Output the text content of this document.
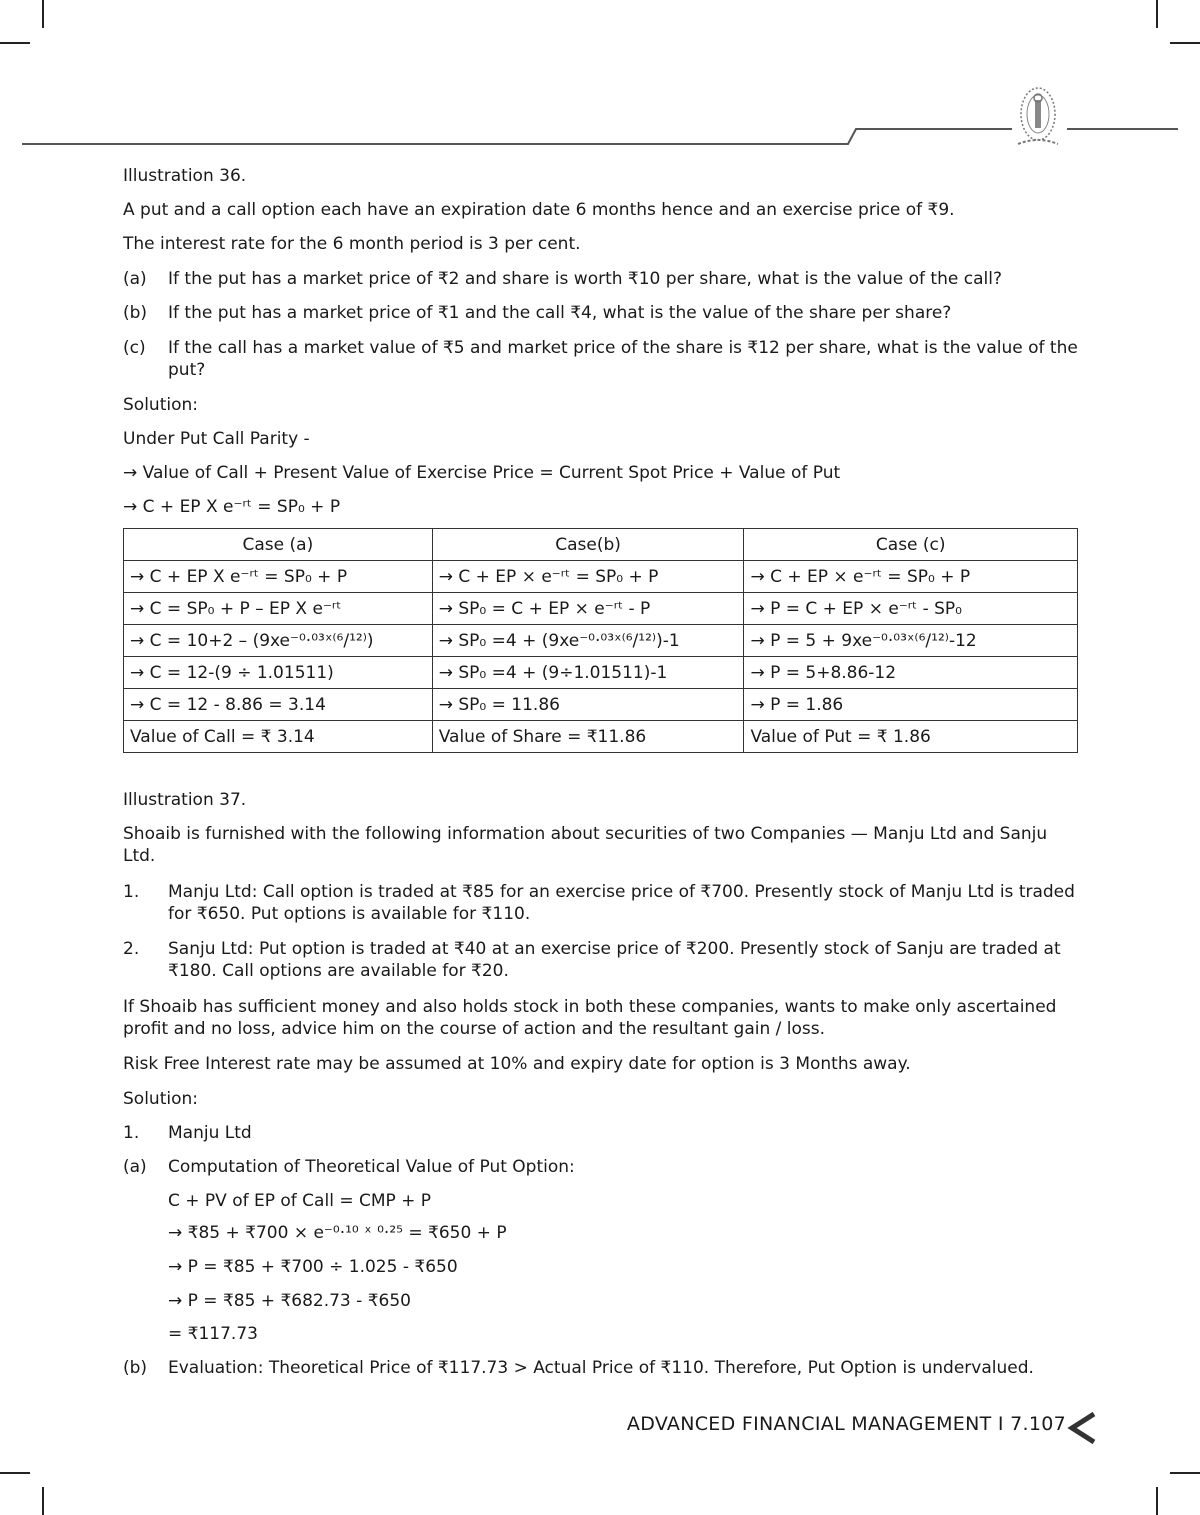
Illustration 36.
A put and a call option each have an expiration date 6 months hence and an exercise price of ₹9.
The interest rate for the 6 month period is 3 per cent.
(a)	If the put has a market price of ₹2 and share is worth ₹10 per share, what is the value of the call?
(b)	If the put has a market price of ₹1 and the call ₹4, what is the value of the share per share?
(c)	If the call has a market value of ₹5 and market price of the share is ₹12 per share, what is the value of the put?
Solution:
Under Put Call Parity -
→ Value of Call + Present Value of Exercise Price = Current Spot Price + Value of Put
→ C + EP X e⁻ʳᵗ = SP₀ + P
Case (a)	Case(b)	Case (c)
→ C + EP X e⁻ʳᵗ = SP₀ + P	→ C + EP × e⁻ʳᵗ = SP₀ + P	→ C + EP × e⁻ʳᵗ = SP₀ + P
→ C = SP₀ + P – EP X e⁻ʳᵗ	→ SP₀ = C + EP × e⁻ʳᵗ - P	→ P = C + EP × e⁻ʳᵗ - SP₀
→ C = 10+2 – (9xe⁻⁰·⁰³ˣ⁽⁶/¹²⁾)	→ SP₀ =4 + (9xe⁻⁰·⁰³ˣ⁽⁶/¹²⁾)-1	→ P = 5 + 9xe⁻⁰·⁰³ˣ⁽⁶/¹²⁾-12
→ C = 12-(9 ÷ 1.01511)	→ SP₀ =4 + (9÷1.01511)-1	→ P = 5+8.86-12
→ C = 12 - 8.86 = 3.14	→ SP₀ = 11.86	→ P = 1.86
Value of Call = ₹ 3.14	Value of Share = ₹11.86	Value of Put = ₹ 1.86
Illustration 37.
Shoaib is furnished with the following information about securities of two Companies — Manju Ltd and Sanju Ltd.
1.	Manju Ltd: Call option is traded at ₹85 for an exercise price of ₹700. Presently stock of Manju Ltd is traded for ₹650. Put options is available for ₹110.
2.	Sanju Ltd: Put option is traded at ₹40 at an exercise price of ₹200. Presently stock of Sanju are traded at ₹180. Call options are available for ₹20.
If Shoaib has sufficient money and also holds stock in both these companies, wants to make only ascertained profit and no loss, advice him on the course of action and the resultant gain / loss.
Risk Free Interest rate may be assumed at 10% and expiry date for option is 3 Months away.
Solution:
1.	Manju Ltd
(a)	Computation of Theoretical Value of Put Option:
C + PV of EP of Call = CMP + P
→ ₹85 + ₹700 × e⁻⁰·¹⁰ ˣ ⁰·²⁵ = ₹650 + P
→ P = ₹85 + ₹700 ÷ 1.025 - ₹650
→ P = ₹85 + ₹682.73 - ₹650
= ₹117.73
(b)	Evaluation: Theoretical Price of ₹117.73 > Actual Price of ₹110. Therefore, Put Option is undervalued.
ADVANCED FINANCIAL MANAGEMENT I 7.107
